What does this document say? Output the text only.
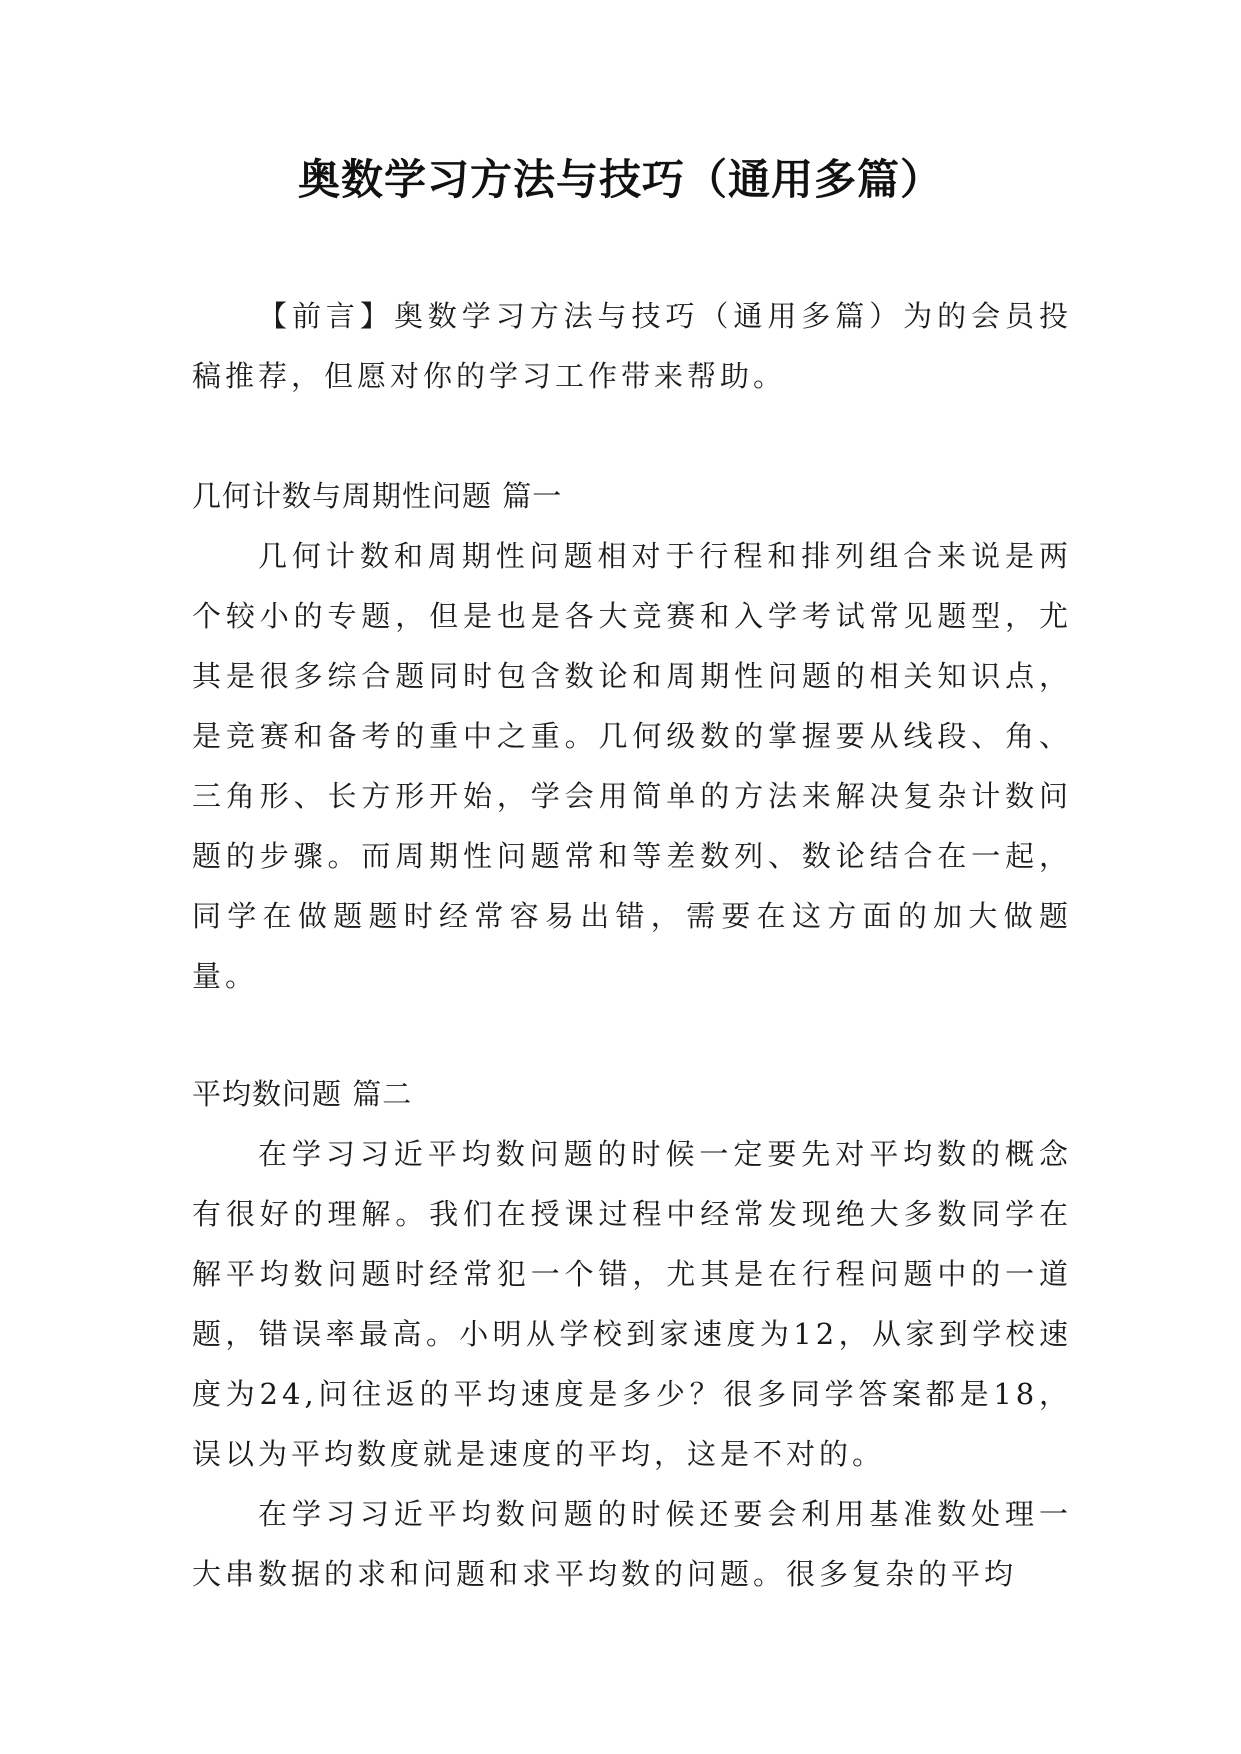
奥数学习方法与技巧（通用多篇）

【前言】奥数学习方法与技巧（通用多篇）为的会员投稿推荐，但愿对你的学习工作带来帮助。

几何计数与周期性问题 篇一

几何计数和周期性问题相对于行程和排列组合来说是两个较小的专题，但是也是各大竞赛和入学考试常见题型，尤其是很多综合题同时包含数论和周期性问题的相关知识点，是竞赛和备考的重中之重。几何级数的掌握要从线段、角、三角形、长方形开始，学会用简单的方法来解决复杂计数问题的步骤。而周期性问题常和等差数列、数论结合在一起，同学在做题题时经常容易出错，需要在这方面的加大做题量。

平均数问题 篇二

在学习习近平均数问题的时候一定要先对平均数的概念有很好的理解。我们在授课过程中经常发现绝大多数同学在解平均数问题时经常犯一个错，尤其是在行程问题中的一道题，错误率最高。小明从学校到家速度为12，从家到学校速度为24,问往返的平均速度是多少？很多同学答案都是18，误以为平均数度就是速度的平均，这是不对的。

在学习习近平均数问题的时候还要会利用基准数处理一大串数据的求和问题和求平均数的问题。很多复杂的平均
